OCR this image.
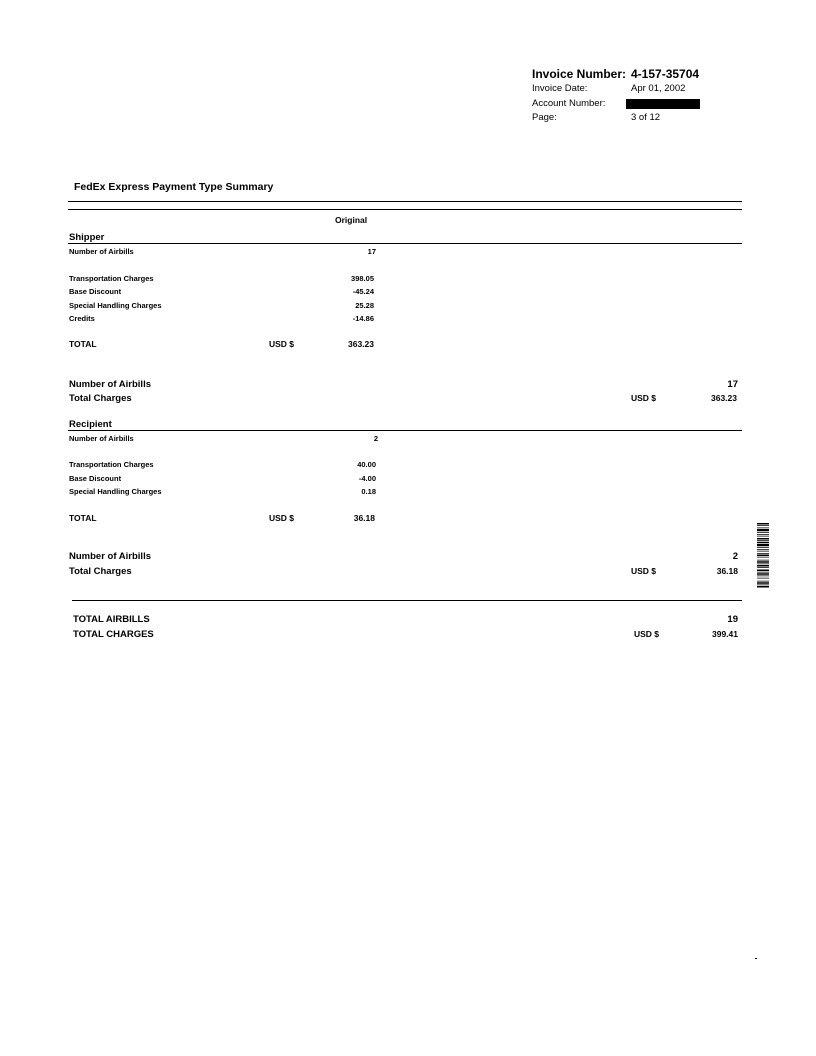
Invoice Number: 4-157-35704
Invoice Date:	Apr 01, 2002
Account Number:
Page:	3 of 12
FedEx Express Payment Type Summary
Original
Shipper
Number of Airbills	17
Transportation Charges	398.05
Base Discount	-45.24
Special Handling Charges	25.28
Credits	-14.86
TOTAL	USD $	363.23
Number of Airbills	17
Total Charges	USD $	363.23
Recipient
Number of Airbills	2
Transportation Charges	40.00
Base Discount	-4.00
Special Handling Charges	0.18
TOTAL	USD $	36.18
Number of Airbills	2
Total Charges	USD $	36.18
TOTAL AIRBILLS	19
TOTAL CHARGES	USD $	399.41
